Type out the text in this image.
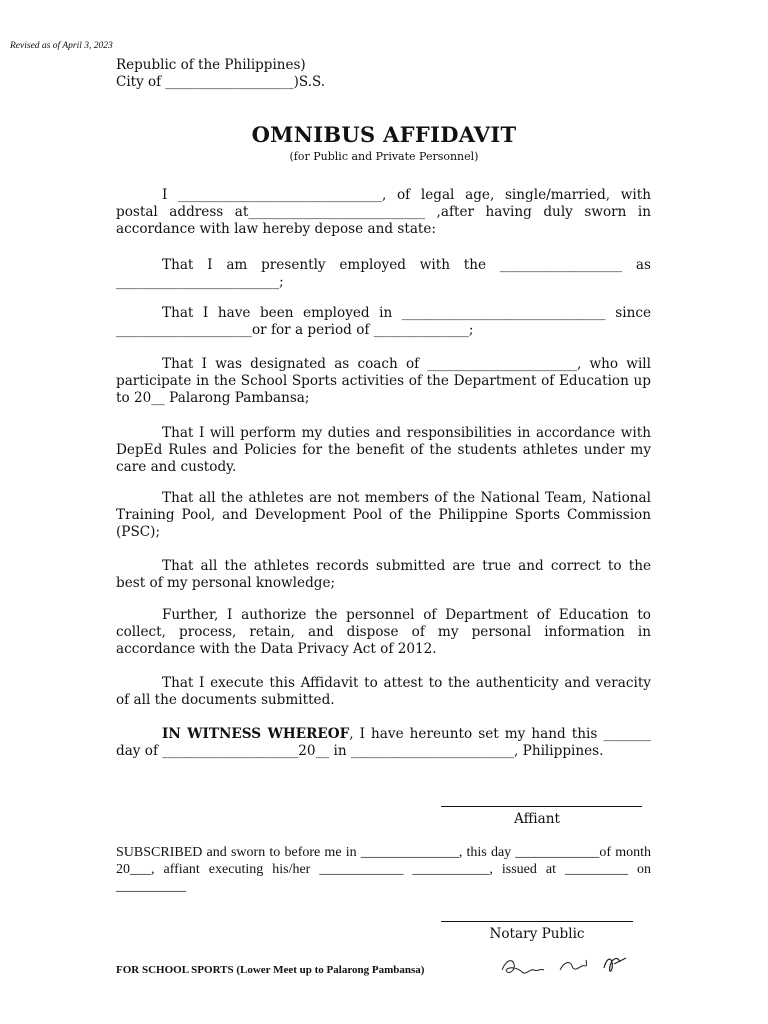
Revised as of April 3, 2023
Republic of the Philippines)
City of ___________________)S.S.
OMNIBUS AFFIDAVIT
(for Public and Private Personnel)
I ______________________________, of legal age, single/married, with postal address at__________________________ ,after having duly sworn in accordance with law hereby depose and state:
That I am presently employed with the __________________ as ________________________;
That I have been employed in ______________________________ since ____________________or for a period of ______________;
That I was designated as coach of ______________________, who will participate in the School Sports activities of the Department of Education up to 20__ Palarong Pambansa;
That I will perform my duties and responsibilities in accordance with DepEd Rules and Policies for the benefit of the students athletes under my care and custody.
That all the athletes are not members of the National Team, National Training Pool, and Development Pool of the Philippine Sports Commission (PSC);
That all the athletes records submitted are true and correct to the best of my personal knowledge;
Further, I authorize the personnel of Department of Education to collect, process, retain, and dispose of my personal information in accordance with the Data Privacy Act of 2012.
That I execute this Affidavit to attest to the authenticity and veracity of all the documents submitted.
IN WITNESS WHEREOF, I have hereunto set my hand this _______ day of ____________________20__ in ________________________, Philippines.
Affiant
SUBSCRIBED and sworn to before me in ______________, this day ____________of month 20___, affiant executing his/her ____________ ___________, issued at _________ on __________
Notary Public
FOR SCHOOL SPORTS (Lower Meet up to Palarong Pambansa)
